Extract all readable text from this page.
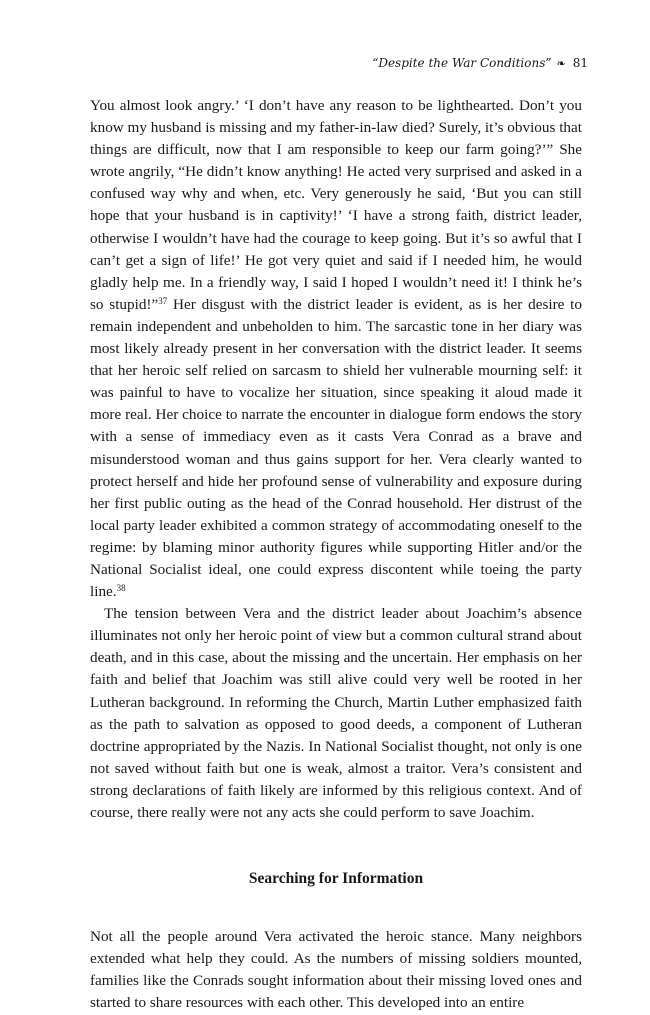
“Despite the War Conditions” ❧ 81

You almost look angry.’ ‘I don’t have any reason to be lighthearted. Don’t you know my husband is missing and my father-in-law died? Surely, it’s obvious that things are difficult, now that I am responsible to keep our farm going?’” She wrote angrily, “He didn’t know anything! He acted very surprised and asked in a confused way why and when, etc. Very generously he said, ‘But you can still hope that your husband is in captivity!’ ‘I have a strong faith, district leader, otherwise I wouldn’t have had the courage to keep going. But it’s so awful that I can’t get a sign of life!’ He got very quiet and said if I needed him, he would gladly help me. In a friendly way, I said I hoped I wouldn’t need it! I think he’s so stupid!”$^{37}$ Her disgust with the district leader is evident, as is her desire to remain independent and unbeholden to him. The sarcastic tone in her diary was most likely already present in her conversation with the district leader. It seems that her heroic self relied on sarcasm to shield her vulnerable mourning self: it was painful to have to vocalize her situation, since speaking it aloud made it more real. Her choice to narrate the encounter in dialogue form endows the story with a sense of immediacy even as it casts Vera Conrad as a brave and misunderstood woman and thus gains support for her. Vera clearly wanted to protect herself and hide her profound sense of vulnerability and exposure during her first public outing as the head of the Conrad household. Her distrust of the local party leader exhibited a common strategy of accommodating oneself to the regime: by blaming minor authority figures while supporting Hitler and/or the National Socialist ideal, one could express discontent while toeing the party line.$^{38}$

The tension between Vera and the district leader about Joachim’s absence illuminates not only her heroic point of view but a common cultural strand about death, and in this case, about the missing and the uncertain. Her emphasis on her faith and belief that Joachim was still alive could very well be rooted in her Lutheran background. In reforming the Church, Martin Luther emphasized faith as the path to salvation as opposed to good deeds, a component of Lutheran doctrine appropriated by the Nazis. In National Socialist thought, not only is one not saved without faith but one is weak, almost a traitor. Vera’s consistent and strong declarations of faith likely are informed by this religious context. And of course, there really were not any acts she could perform to save Joachim.

Searching for Information

Not all the people around Vera activated the heroic stance. Many neighbors extended what help they could. As the numbers of missing soldiers mounted, families like the Conrads sought information about their missing loved ones and started to share resources with each other. This developed into an entire
